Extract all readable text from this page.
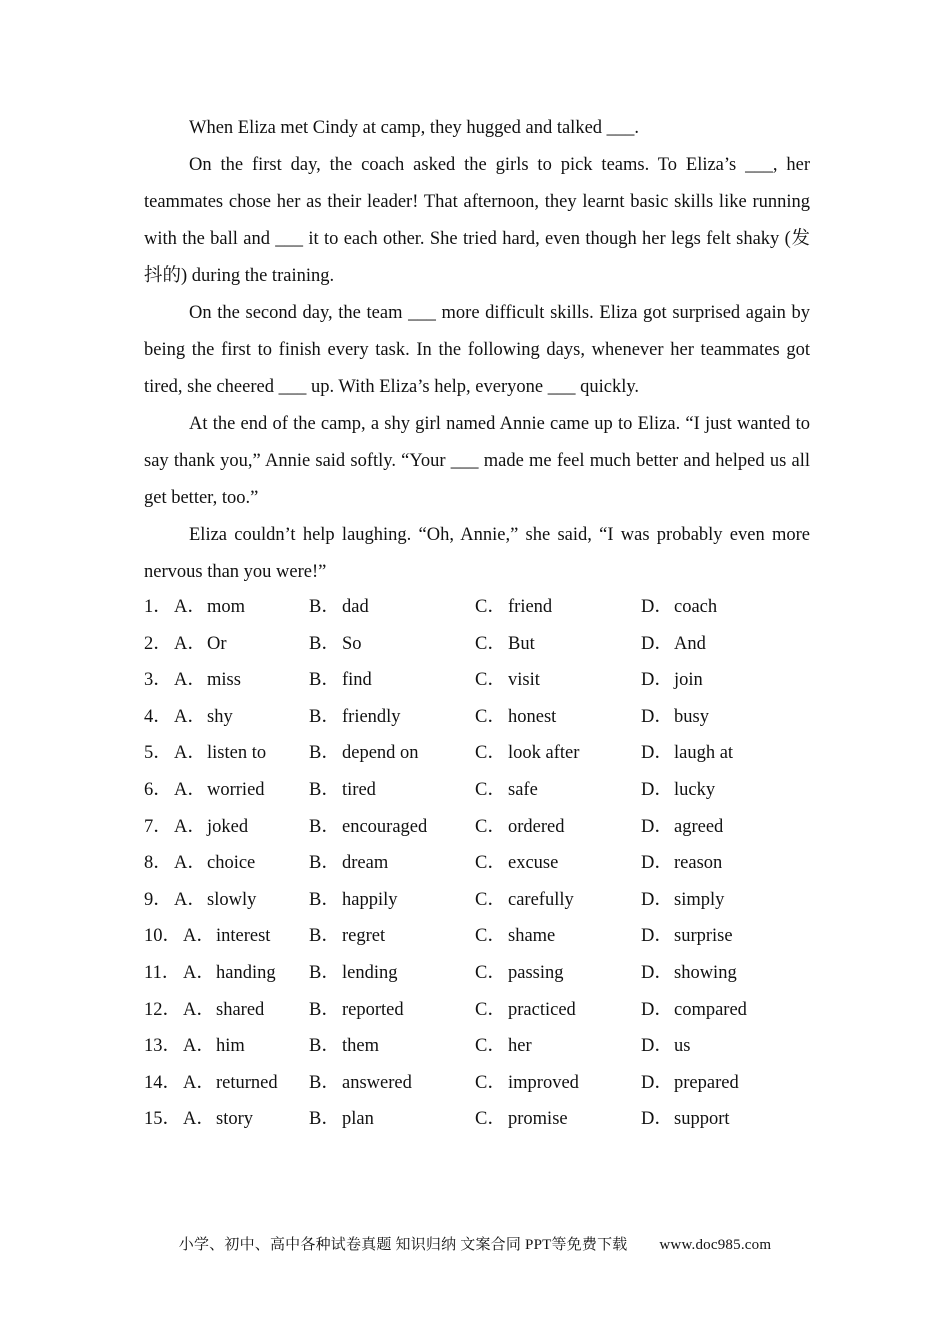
When Eliza met Cindy at camp, they hugged and talked ___.

On the first day, the coach asked the girls to pick teams. To Eliza’s ___, her teammates chose her as their leader! That afternoon, they learnt basic skills like running with the ball and ___ it to each other. She tried hard, even though her legs felt shaky (发抖的) during the training.

On the second day, the team ___ more difficult skills. Eliza got surprised again by being the first to finish every task. In the following days, whenever her teammates got tired, she cheered ___ up. With Eliza’s help, everyone ___ quickly.

At the end of the camp, a shy girl named Annie came up to Eliza. “I just wanted to say thank you,” Annie said softly. “Your ___ made me feel much better and helped us all get better, too.”

Eliza couldn’t help laughing. “Oh, Annie,” she said, “I was probably even more nervous than you were!”

1． A．mom	B． dad	C． friend	D．coach
2． A．Or	B． So	C． But	D．And
3． A．miss	B． find	C． visit	D．join
4． A．shy	B． friendly	C． honest	D．busy
5． A．listen to B． depend on	C． look after	D．laugh at
6． A．worried B． tired	C． safe	D．lucky
7． A．joked	B． encouraged	C． ordered	D．agreed
8． A．choice	B． dream	C． excuse	D．reason
9． A．slowly	B． happily	C． carefully	D．simply
10． A．interest B． regret	C． shame	D．surprise
11． A．handing B． lending	C． passing	D．showing
12． A．shared B． reported	C． practiced	D．compared
13． A．him	B． them	C． her	D．us
14． A．returned B． answered	C． improved	D．prepared
15． A．story	B． plan	C． promise	D．support
小学、初中、高中各种试卷真题 知识归纳 文案合同 PPT等免费下载 www.doc985.com
